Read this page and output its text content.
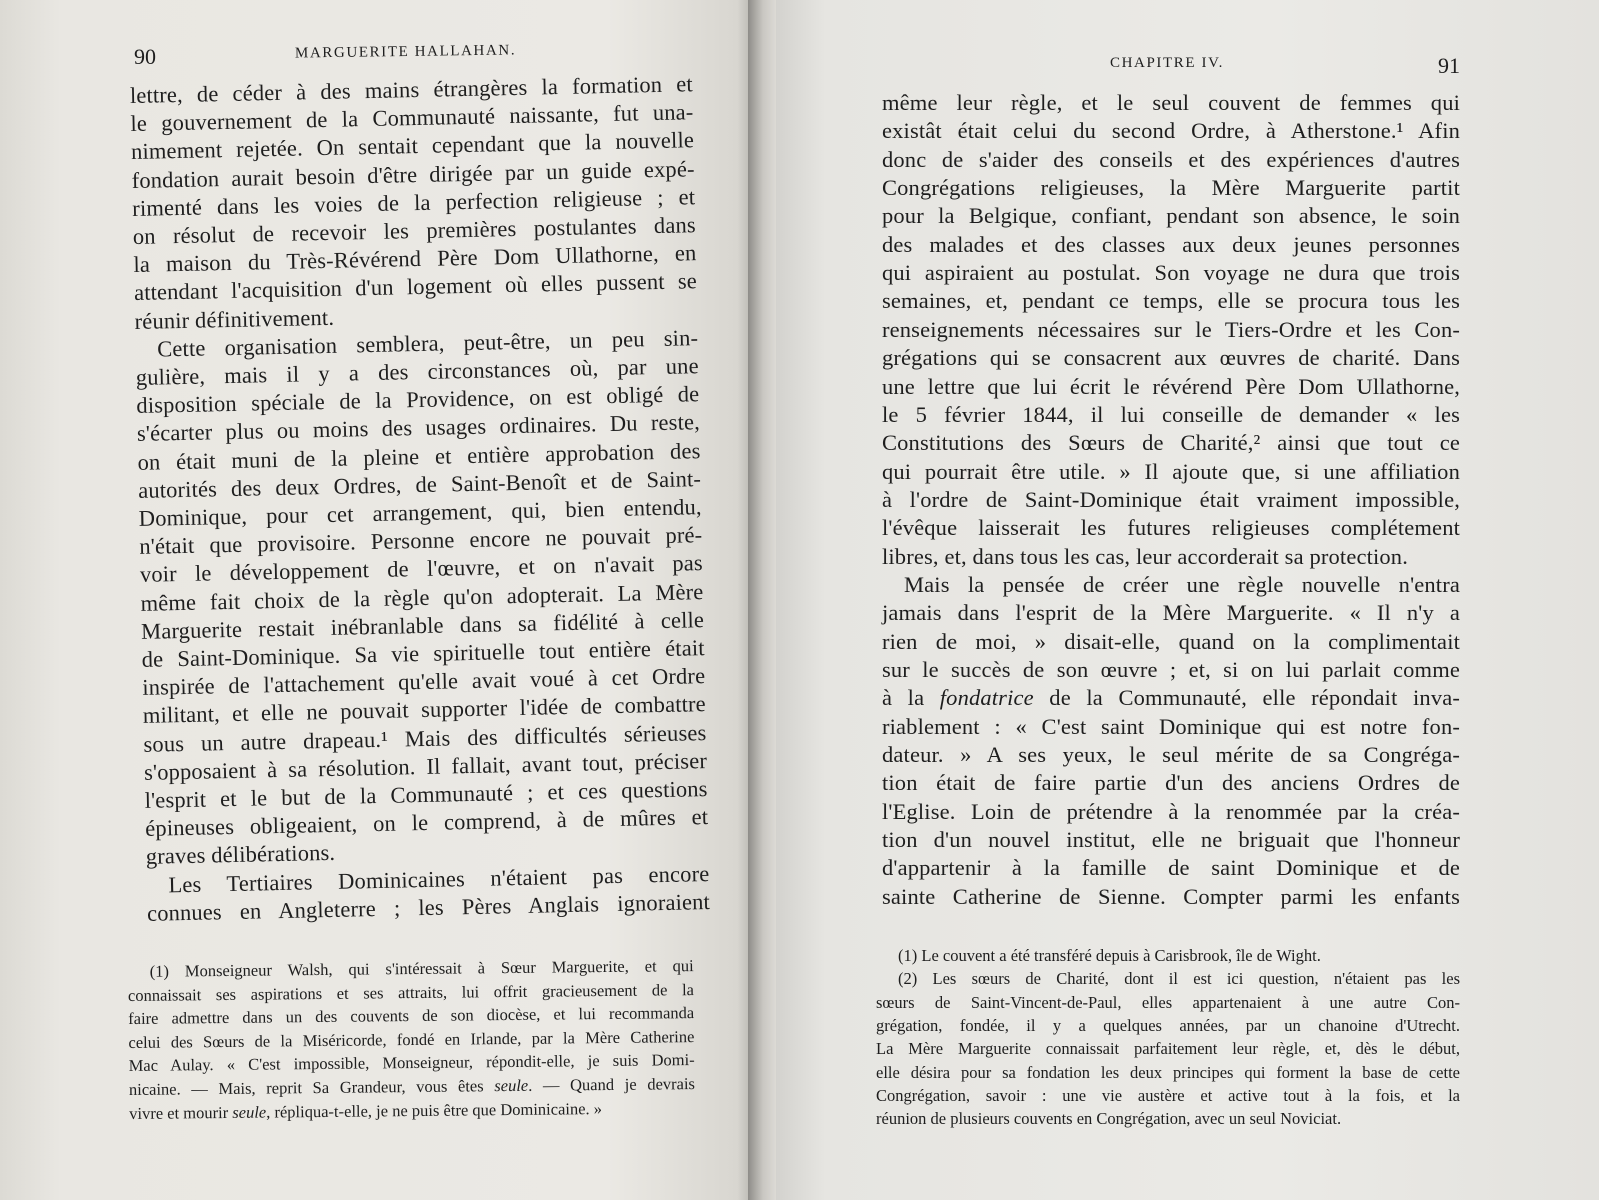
90	MARGUERITE HALLAHAN.
lettre, de céder à des mains étrangères la formation et
le gouvernement de la Communauté naissante, fut una-
nimement rejetée. On sentait cependant que la nouvelle
fondation aurait besoin d'être dirigée par un guide expé-
rimenté dans les voies de la perfection religieuse ; et
on résolut de recevoir les premières postulantes dans
la maison du Très-Révérend Père Dom Ullathorne, en
attendant l'acquisition d'un logement où elles pussent se
réunir définitivement.
Cette organisation semblera, peut-être, un peu sin-
gulière, mais il y a des circonstances où, par une
disposition spéciale de la Providence, on est obligé de
s'écarter plus ou moins des usages ordinaires. Du reste,
on était muni de la pleine et entière approbation des
autorités des deux Ordres, de Saint-Benoît et de Saint-
Dominique, pour cet arrangement, qui, bien entendu,
n'était que provisoire. Personne encore ne pouvait pré-
voir le développement de l'œuvre, et on n'avait pas
même fait choix de la règle qu'on adopterait. La Mère
Marguerite restait inébranlable dans sa fidélité à celle
de Saint-Dominique. Sa vie spirituelle tout entière était
inspirée de l'attachement qu'elle avait voué à cet Ordre
militant, et elle ne pouvait supporter l'idée de combattre
sous un autre drapeau.¹ Mais des difficultés sérieuses
s'opposaient à sa résolution. Il fallait, avant tout, préciser
l'esprit et le but de la Communauté ; et ces questions
épineuses obligeaient, on le comprend, à de mûres et
graves délibérations.
Les Tertiaires Dominicaines n'étaient pas encore
connues en Angleterre ; les Pères Anglais ignoraient
(1) Monseigneur Walsh, qui s'intéressait à Sœur Marguerite, et qui
connaissait ses aspirations et ses attraits, lui offrit gracieusement de la
faire admettre dans un des couvents de son diocèse, et lui recommanda
celui des Sœurs de la Miséricorde, fondé en Irlande, par la Mère Catherine
Mac Aulay. « C'est impossible, Monseigneur, répondit-elle, je suis Domi-
nicaine. — Mais, reprit Sa Grandeur, vous êtes seule. — Quand je devrais
vivre et mourir seule, répliqua-t-elle, je ne puis être que Dominicaine. »
CHAPITRE IV.	91
même leur règle, et le seul couvent de femmes qui
existât était celui du second Ordre, à Atherstone.¹ Afin
donc de s'aider des conseils et des expériences d'autres
Congrégations religieuses, la Mère Marguerite partit
pour la Belgique, confiant, pendant son absence, le soin
des malades et des classes aux deux jeunes personnes
qui aspiraient au postulat. Son voyage ne dura que trois
semaines, et, pendant ce temps, elle se procura tous les
renseignements nécessaires sur le Tiers-Ordre et les Con-
grégations qui se consacrent aux œuvres de charité. Dans
une lettre que lui écrit le révérend Père Dom Ullathorne,
le 5 février 1844, il lui conseille de demander « les
Constitutions des Sœurs de Charité,² ainsi que tout ce
qui pourrait être utile. » Il ajoute que, si une affiliation
à l'ordre de Saint-Dominique était vraiment impossible,
l'évêque laisserait les futures religieuses complétement
libres, et, dans tous les cas, leur accorderait sa protection.
Mais la pensée de créer une règle nouvelle n'entra
jamais dans l'esprit de la Mère Marguerite. « Il n'y a
rien de moi, » disait-elle, quand on la complimentait
sur le succès de son œuvre ; et, si on lui parlait comme
à la fondatrice de la Communauté, elle répondait inva-
riablement : « C'est saint Dominique qui est notre fon-
dateur. » A ses yeux, le seul mérite de sa Congréga-
tion était de faire partie d'un des anciens Ordres de
l'Eglise. Loin de prétendre à la renommée par la créa-
tion d'un nouvel institut, elle ne briguait que l'honneur
d'appartenir à la famille de saint Dominique et de
sainte Catherine de Sienne. Compter parmi les enfants
(1) Le couvent a été transféré depuis à Carisbrook, île de Wight.
(2) Les sœurs de Charité, dont il est ici question, n'étaient pas les
sœurs de Saint-Vincent-de-Paul, elles appartenaient à une autre Con-
grégation, fondée, il y a quelques années, par un chanoine d'Utrecht.
La Mère Marguerite connaissait parfaitement leur règle, et, dès le début,
elle désira pour sa fondation les deux principes qui forment la base de cette
Congrégation, savoir : une vie austère et active tout à la fois, et la
réunion de plusieurs couvents en Congrégation, avec un seul Noviciat.
